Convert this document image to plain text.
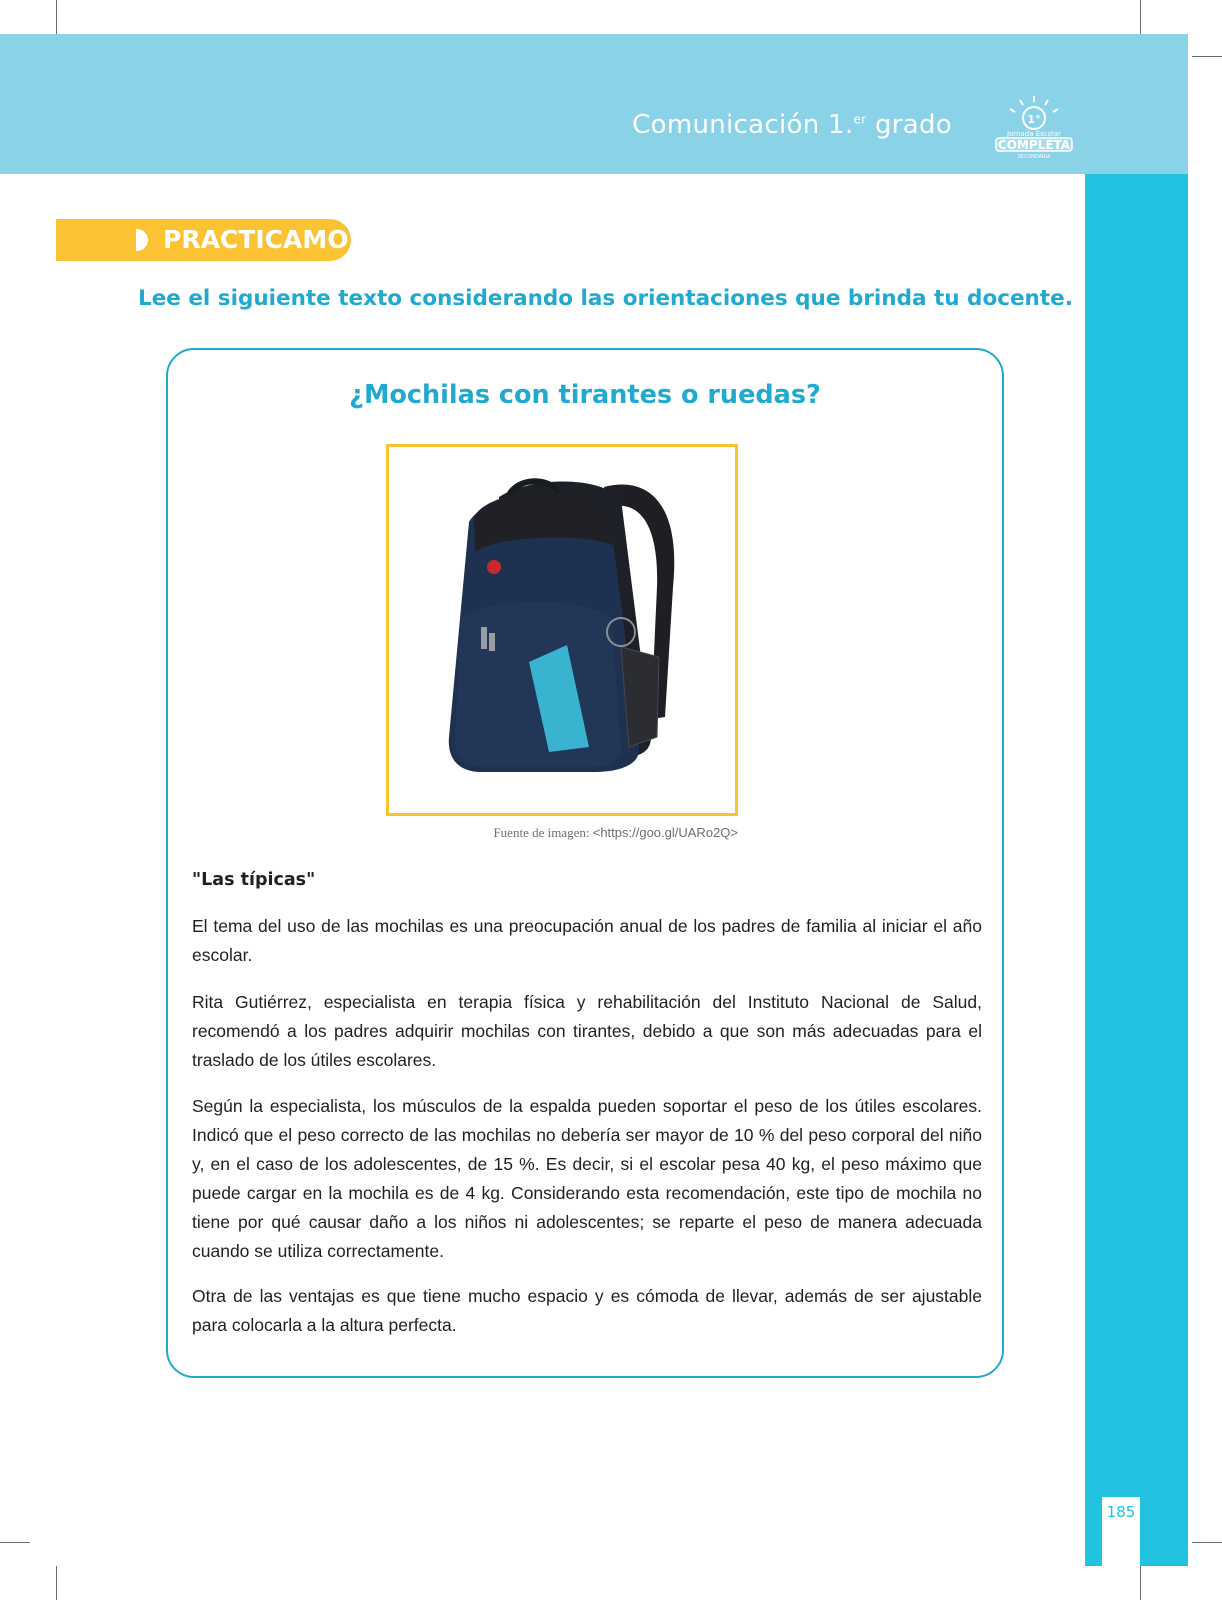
Comunicación 1.$^{er}$ grado	1°
Jornada Escolar
COMPLETA
SECUNDARIA
185
PRACTICAMOS
Lee el siguiente texto considerando las orientaciones que brinda tu docente.
¿Mochilas con tirantes o ruedas?
Fuente de imagen: <https://goo.gl/UARo2Q>
"Las típicas"

El tema del uso de las mochilas es una preocupación anual de los padres de familia al iniciar el año escolar.

Rita Gutiérrez, especialista en terapia física y rehabilitación del Instituto Nacional de Salud, recomendó a los padres adquirir mochilas con tirantes, debido a que son más adecuadas para el traslado de los útiles escolares.

Según la especialista, los músculos de la espalda pueden soportar el peso de los útiles escolares. Indicó que el peso correcto de las mochilas no debería ser mayor de 10 % del peso corporal del niño y, en el caso de los adolescentes, de 15 %. Es decir, si el escolar pesa 40 kg, el peso máximo que puede cargar en la mochila es de 4 kg. Considerando esta recomendación, este tipo de mochila no tiene por qué causar daño a los niños ni adolescentes; se reparte el peso de manera adecuada cuando se utiliza correctamente.

Otra de las ventajas es que tiene mucho espacio y es cómoda de llevar, además de ser ajustable para colocarla a la altura perfecta.
